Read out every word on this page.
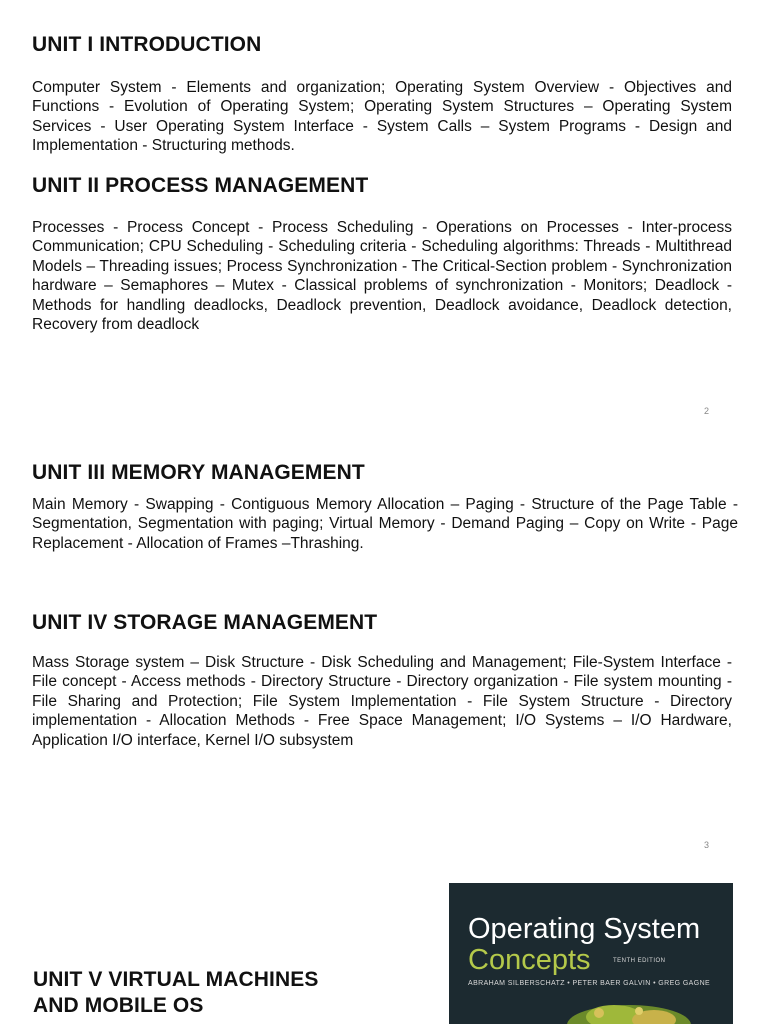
UNIT I INTRODUCTION

Computer System - Elements and organization; Operating System Overview - Objectives and Functions - Evolution of Operating System; Operating System Structures – Operating System Services - User Operating System Interface - System Calls – System Programs - Design and Implementation - Structuring methods.

UNIT II PROCESS MANAGEMENT

Processes - Process Concept - Process Scheduling - Operations on Processes - Inter-process Communication; CPU Scheduling - Scheduling criteria - Scheduling algorithms: Threads - Multithread Models – Threading issues; Process Synchronization - The Critical-Section problem - Synchronization hardware – Semaphores – Mutex - Classical problems of synchronization - Monitors; Deadlock - Methods for handling deadlocks, Deadlock prevention, Deadlock avoidance, Deadlock detection, Recovery from deadlock

2
UNIT III MEMORY MANAGEMENT

Main Memory - Swapping - Contiguous Memory Allocation – Paging - Structure of the Page Table - Segmentation, Segmentation with paging; Virtual Memory - Demand Paging – Copy on Write - Page Replacement - Allocation of Frames –Thrashing.

UNIT IV STORAGE MANAGEMENT

Mass Storage system – Disk Structure - Disk Scheduling and Management; File-System Interface - File concept - Access methods - Directory Structure - Directory organization - File system mounting - File Sharing and Protection; File System Implementation - File System Structure - Directory implementation - Allocation Methods - Free Space Management; I/O Systems – I/O Hardware, Application I/O interface, Kernel I/O subsystem

3
UNIT V VIRTUAL MACHINES
AND MOBILE OS
Operating System
Concepts	TENTH EDITION
ABRAHAM SILBERSCHATZ • PETER BAER GALVIN • GREG GAGNE
